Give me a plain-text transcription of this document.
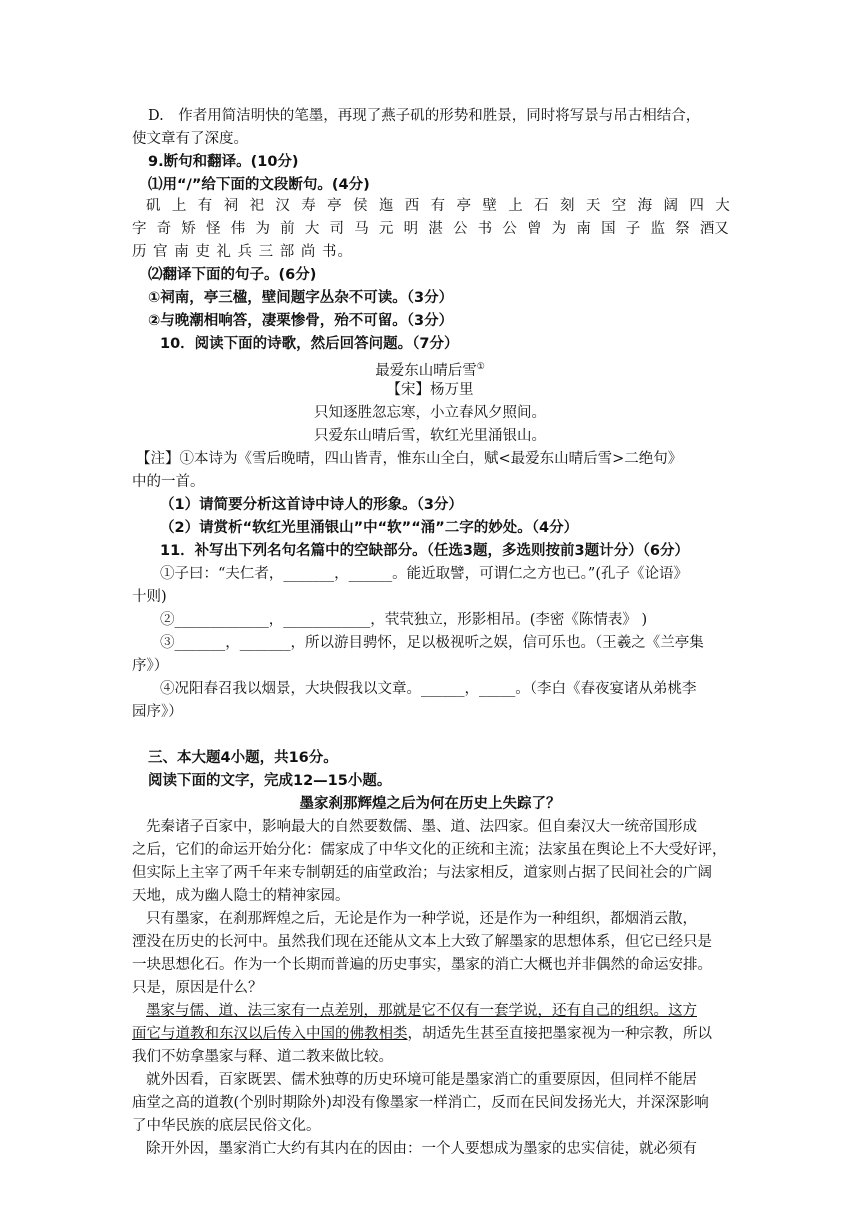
D.　作者用简洁明快的笔墨，再现了燕子矶的形势和胜景，同时将写景与吊古相结合，
使文章有了深度。
9.断句和翻译。(10分)
⑴用“/”给下面的文段断句。(4分)
矶 上 有 祠 祀 汉 寿 亭 侯 迤 西 有 亭 壁 上 石 刻 天 空 海 阔 四 大
字 奇 矫 怪 伟 为 前 大 司 马 元 明 湛 公 书 公 曾 为 南 国 子 监 祭 酒又
历 官 南 吏 礼 兵 三 部 尚 书。
⑵翻译下面的句子。(6分)
①祠南，亭三楹，壁间题字丛杂不可读。（3分）
②与晚潮相响答，凄栗惨骨，殆不可留。（3分）
10．阅读下面的诗歌，然后回答问题。（7分）
最爱东山晴后雪①
【宋】杨万里
只知逐胜忽忘寒，小立春风夕照间。
只爱东山晴后雪，软红光里涌银山。
【注】①本诗为《雪后晚晴，四山皆青，惟东山全白，赋<最爱东山晴后雪>二绝句》
中的一首。
（1）请简要分析这首诗中诗人的形象。（3分）
（2）请赏析“软红光里涌银山”中“软”“涌”二字的妙处。（4分）
11．补写出下列名句名篇中的空缺部分。（任选3题，多选则按前3题计分）（6分）
①子曰：“夫仁者，_______，______。能近取譬，可谓仁之方也已。”(孔子《论语》
十则)
②_____________，____________，茕茕独立，形影相吊。(李密《陈情表》 )
③_______，_______，所以游目骋怀，足以极视听之娱，信可乐也。（王羲之《兰亭集
序》）
④况阳春召我以烟景，大块假我以文章。______，_____。（李白《春夜宴诸从弟桃李
园序》）
三、本大题4小题，共16分。
阅读下面的文字，完成12—15小题。
墨家刹那辉煌之后为何在历史上失踪了？
先秦诸子百家中，影响最大的自然要数儒、墨、道、法四家。但自秦汉大一统帝国形成
之后，它们的命运开始分化：儒家成了中华文化的正统和主流；法家虽在舆论上不大受好评，
但实际上主宰了两千年来专制朝廷的庙堂政治；与法家相反，道家则占据了民间社会的广阔
天地，成为幽人隐士的精神家园。
只有墨家，在刹那辉煌之后，无论是作为一种学说，还是作为一种组织，都烟消云散，
湮没在历史的长河中。虽然我们现在还能从文本上大致了解墨家的思想体系，但它已经只是
一块思想化石。作为一个长期而普遍的历史事实，墨家的消亡大概也并非偶然的命运安排。
只是，原因是什么？
墨家与儒、道、法三家有一点差别，那就是它不仅有一套学说，还有自己的组织。这方
面它与道教和东汉以后传入中国的佛教相类，胡适先生甚至直接把墨家视为一种宗教，所以
我们不妨拿墨家与释、道二教来做比较。
就外因看，百家既罢、儒术独尊的历史环境可能是墨家消亡的重要原因，但同样不能居
庙堂之高的道教(个别时期除外)却没有像墨家一样消亡，反而在民间发扬光大，并深深影响
了中华民族的底层民俗文化。
除开外因，墨家消亡大约有其内在的因由：一个人要想成为墨家的忠实信徒，就必须有
